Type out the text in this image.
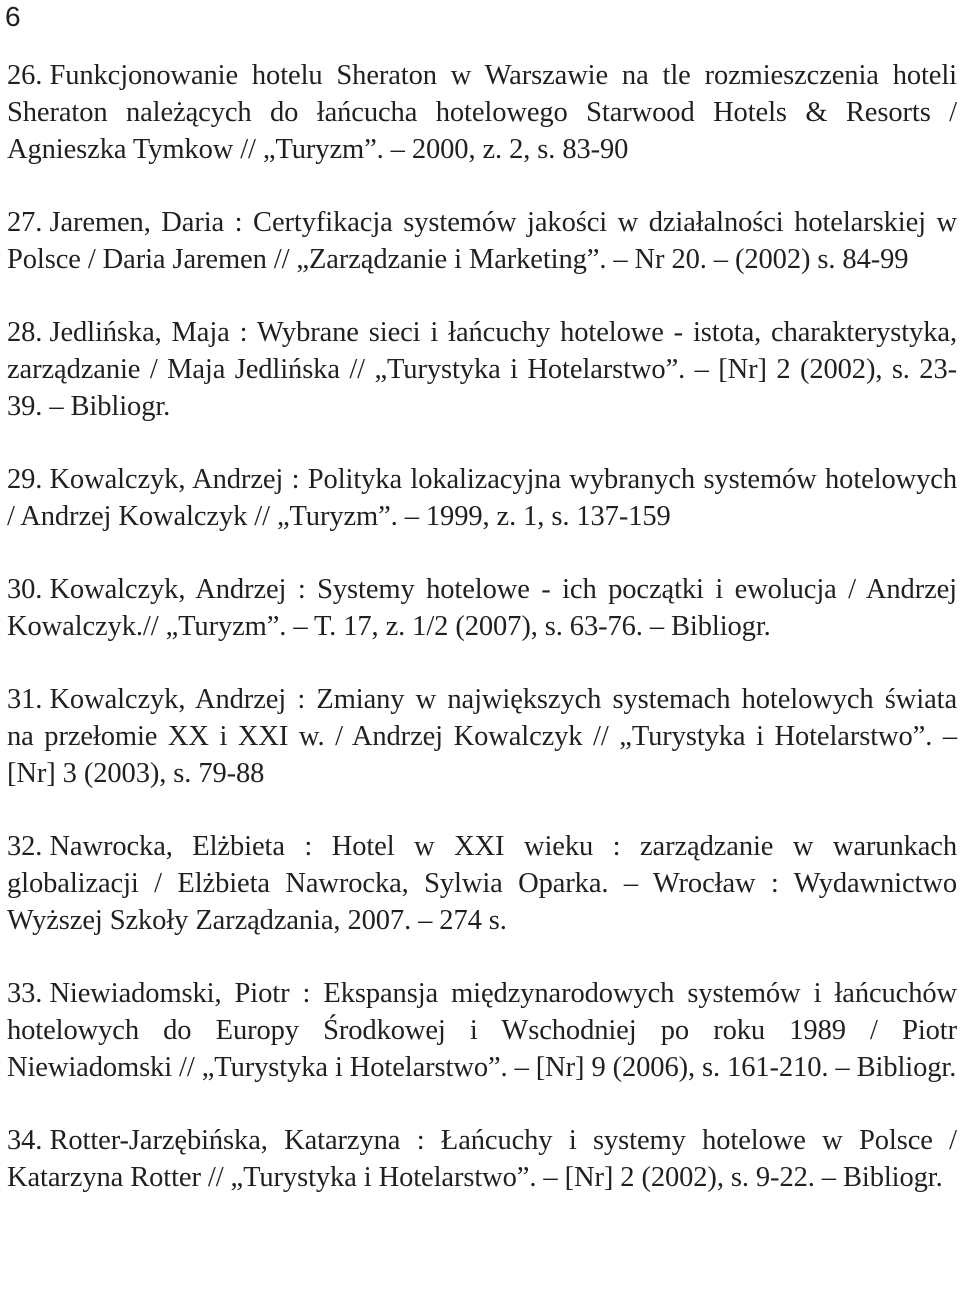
6

26. Funkcjonowanie hotelu Sheraton w Warszawie na tle rozmieszczenia hoteli Sheraton należących do łańcucha hotelowego Starwood Hotels & Resorts / Agnieszka Tymkow // „Turyzm”. – 2000, z. 2, s. 83-90

27. Jaremen, Daria : Certyfikacja systemów jakości w działalności hotelarskiej w Polsce / Daria Jaremen // „Zarządzanie i Marketing”. – Nr 20. – (2002) s. 84-99

28. Jedlińska, Maja : Wybrane sieci i łańcuchy hotelowe - istota, charakterystyka, zarządzanie / Maja Jedlińska // „Turystyka i Hotelarstwo”. – [Nr] 2 (2002), s. 23-39. – Bibliogr.

29. Kowalczyk, Andrzej : Polityka lokalizacyjna wybranych systemów hotelowych / Andrzej Kowalczyk // „Turyzm”. – 1999, z. 1, s. 137-159

30. Kowalczyk, Andrzej : Systemy hotelowe - ich początki i ewolucja / Andrzej Kowalczyk.// „Turyzm”. – T. 17, z. 1/2 (2007), s. 63-76. – Bibliogr.

31. Kowalczyk, Andrzej : Zmiany w największych systemach hotelowych świata na przełomie XX i XXI w. / Andrzej Kowalczyk // „Turystyka i Hotelarstwo”. – [Nr] 3 (2003), s. 79-88

32. Nawrocka, Elżbieta : Hotel w XXI wieku : zarządzanie w warunkach globalizacji / Elżbieta Nawrocka, Sylwia Oparka. – Wrocław : Wydawnictwo Wyższej Szkoły Zarządzania, 2007. – 274 s.

33. Niewiadomski, Piotr : Ekspansja międzynarodowych systemów i łańcuchów hotelowych do Europy Środkowej i Wschodniej po roku 1989 / Piotr Niewiadomski // „Turystyka i Hotelarstwo”. – [Nr] 9 (2006), s. 161-210. – Bibliogr.

34. Rotter-Jarzębińska, Katarzyna : Łańcuchy i systemy hotelowe w Polsce / Katarzyna Rotter // „Turystyka i Hotelarstwo”. – [Nr] 2 (2002), s. 9-22. – Bibliogr.
